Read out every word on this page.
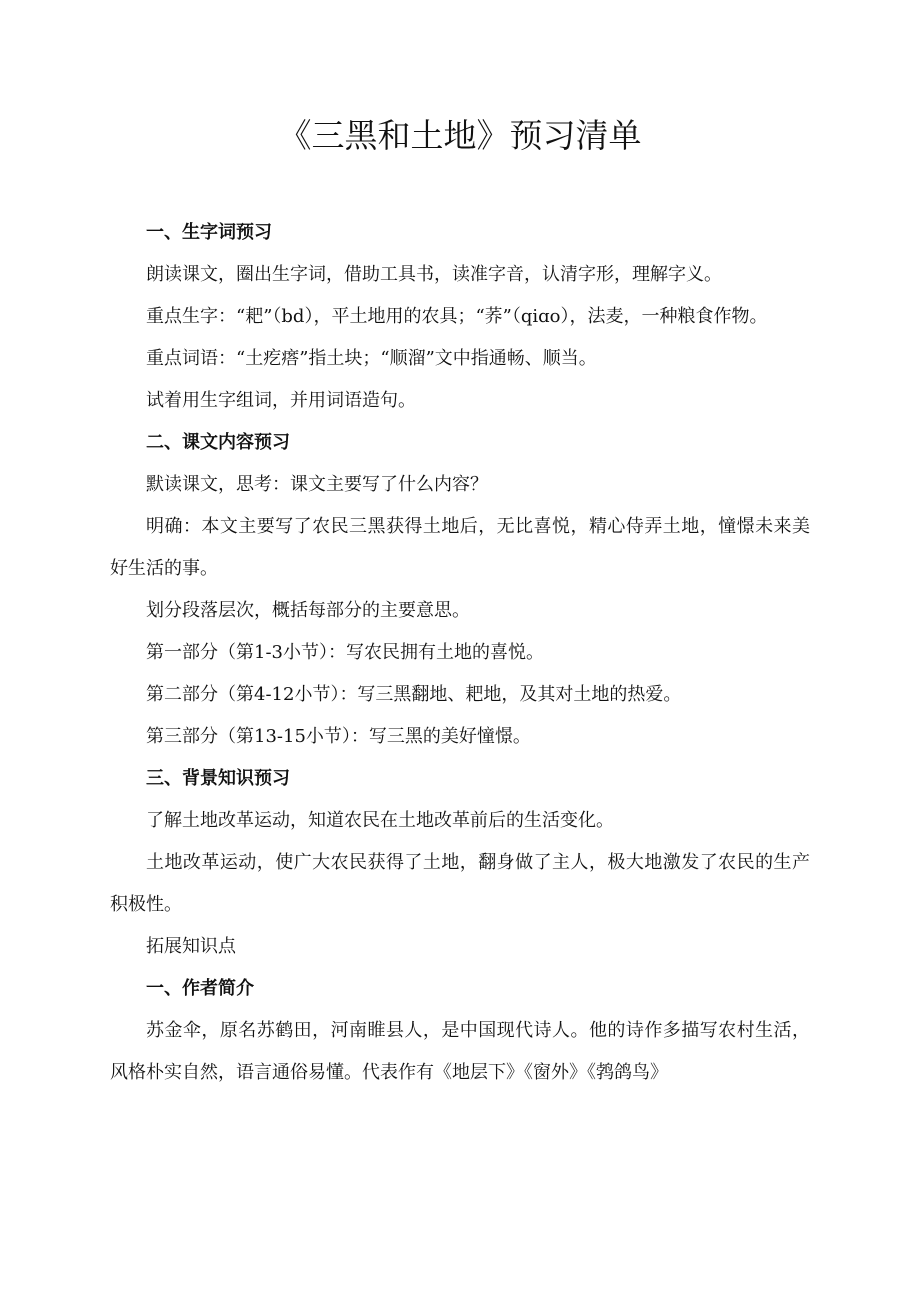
《三黑和土地》预习清单

一、生字词预习

朗读课文，圈出生字词，借助工具书，读准字音，认清字形，理解字义。

重点生字：“耙”（bd），平土地用的农具；“荞”（qiɑo），法麦，一种粮食作物。

重点词语：“土疙瘩”指土块；“顺溜”文中指通畅、顺当。

试着用生字组词，并用词语造句。

二、课文内容预习

默读课文，思考：课文主要写了什么内容？

明确：本文主要写了农民三黑获得土地后，无比喜悦，精心侍弄土地，憧憬未来美好生活的事。

划分段落层次，概括每部分的主要意思。

第一部分（第1-3小节）：写农民拥有土地的喜悦。

第二部分（第4-12小节）：写三黑翻地、耙地，及其对土地的热爱。

第三部分（第13-15小节）：写三黑的美好憧憬。

三、背景知识预习

了解土地改革运动，知道农民在土地改革前后的生活变化。

土地改革运动，使广大农民获得了土地，翻身做了主人，极大地激发了农民的生产积极性。

拓展知识点

一、作者简介

苏金伞，原名苏鹤田，河南睢县人，是中国现代诗人。他的诗作多描写农村生活，风格朴实自然，语言通俗易懂。代表作有《地层下》《窗外》《鹁鸽鸟》
